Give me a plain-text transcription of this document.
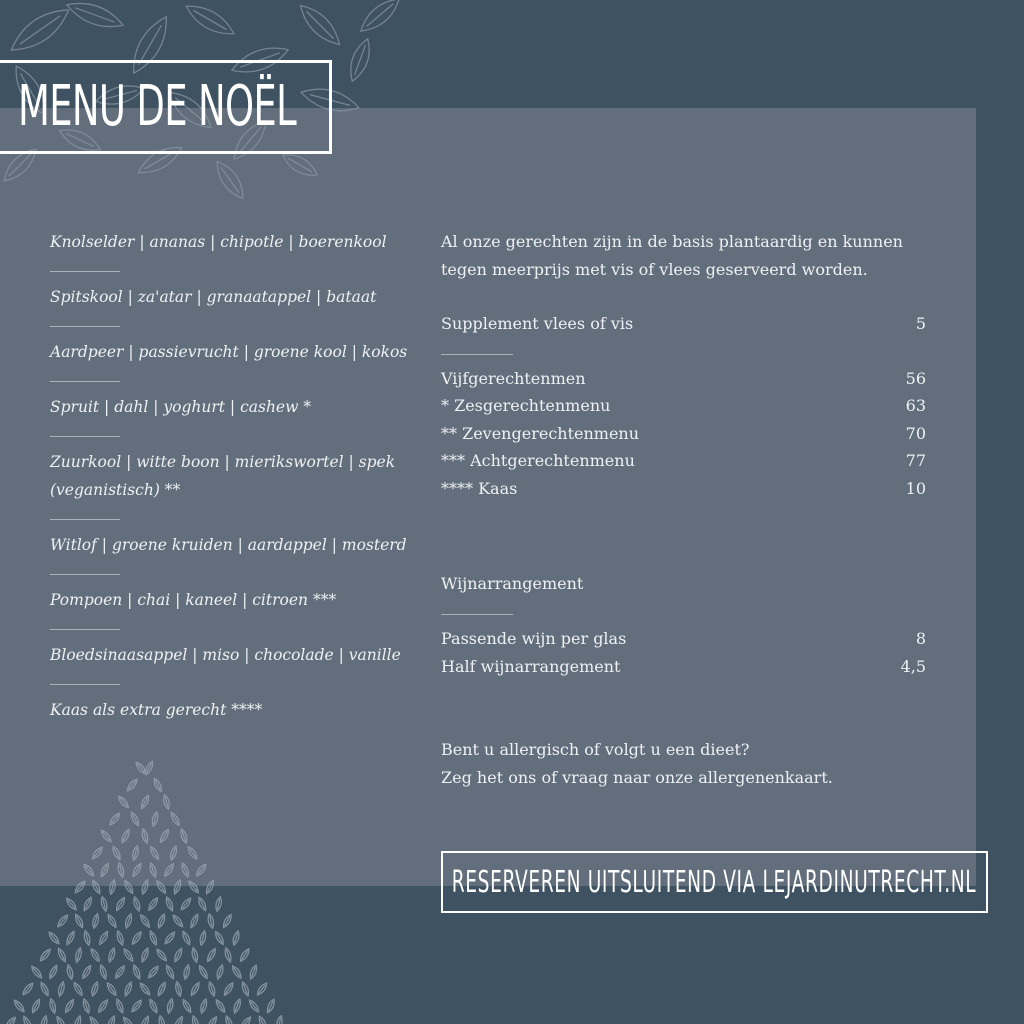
MENU DE NOËL
Knolselder | ananas | chipotle | boerenkool
Spitskool | za'atar | granaatappel | bataat
Aardpeer | passievrucht | groene kool | kokos
Spruit | dahl | yoghurt | cashew *
Zuurkool | witte boon | mierikswortel | spek
(veganistisch) **
Witlof | groene kruiden | aardappel | mosterd
Pompoen | chai | kaneel | citroen ***
Bloedsinaasappel | miso | chocolade | vanille
Kaas als extra gerecht ****

Al onze gerechten zijn in de basis plantaardig en kunnen
tegen meerprijs met vis of vlees geserveerd worden.

Supplement vlees of vis	5
Vijfgerechtenmen	56
* Zesgerechtenmenu	63
** Zevengerechtenmenu	70
*** Achtgerechtenmenu	77
**** Kaas	10
Wijnarrangement
Passende wijn per glas	8
Half wijnarrangement	4,5
Bent u allergisch of volgt u een dieet?
Zeg het ons of vraag naar onze allergenenkaart.
RESERVEREN UITSLUITEND VIA LEJARDINUTRECHT.NL
